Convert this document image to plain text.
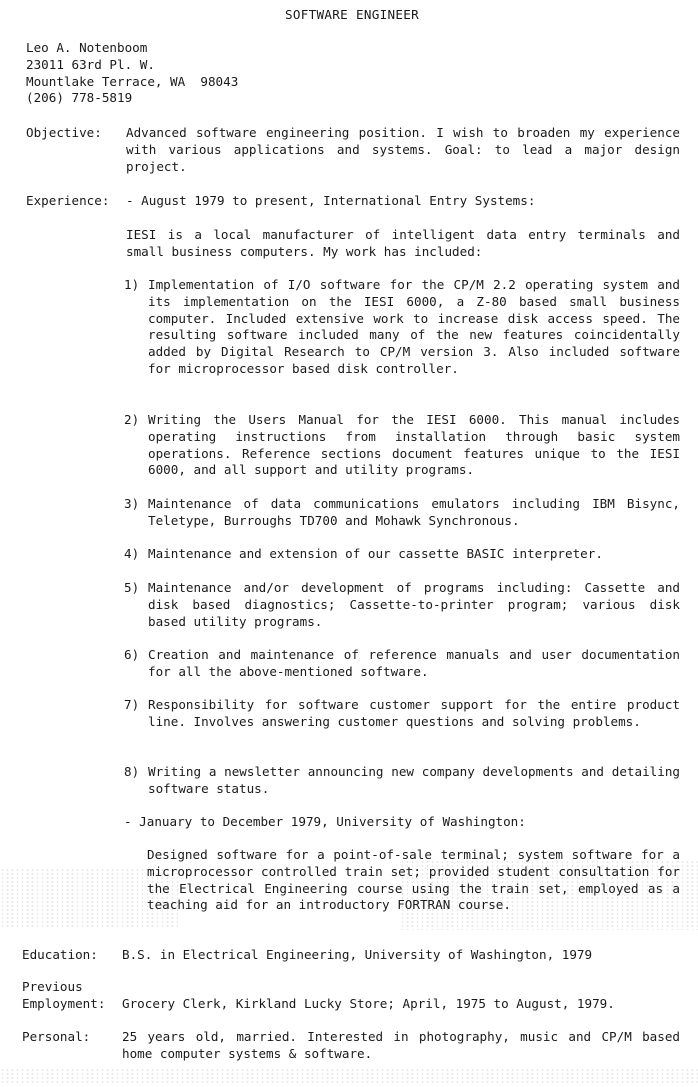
SOFTWARE ENGINEER
Leo A. Notenboom
23011 63rd Pl. W.
Mountlake Terrace, WA  98043
(206) 778-5819
Objective: Advanced software engineering position. I wish to broaden my experience with various applications and systems. Goal: to lead a major design project.
Experience: - August 1979 to present, International Entry Systems:
IESI is a local manufacturer of intelligent data entry terminals and small business computers. My work has included:
1) Implementation of I/O software for the CP/M 2.2 operating system and its implementation on the IESI 6000, a Z-80 based small business computer. Included extensive work to increase disk access speed. The resulting software included many of the new features coincidentally added by Digital Research to CP/M version 3. Also included software for microprocessor based disk controller.
2) Writing the Users Manual for the IESI 6000. This manual includes operating instructions from installation through basic system operations. Reference sections document features unique to the IESI 6000, and all support and utility programs.
3) Maintenance of data communications emulators including IBM Bisync, Teletype, Burroughs TD700 and Mohawk Synchronous.
4) Maintenance and extension of our cassette BASIC interpreter.
5) Maintenance and/or development of programs including: Cassette and disk based diagnostics; Cassette-to-printer program; various disk based utility programs.
6) Creation and maintenance of reference manuals and user documentation for all the above-mentioned software.
7) Responsibility for software customer support for the entire product line. Involves answering customer questions and solving problems.
8) Writing a newsletter announcing new company developments and detailing software status.
- January to December 1979, University of Washington:
Designed software for a point-of-sale terminal; system software for a microprocessor controlled train set; provided student consultation for the Electrical Engineering course using the train set, employed as a teaching aid for an introductory FORTRAN course.
Education: B.S. in Electrical Engineering, University of Washington, 1979
Previous
Employment: Grocery Clerk, Kirkland Lucky Store; April, 1975 to August, 1979.
Personal:	25 years old, married. Interested in photography, music and CP/M based home computer systems & software.
